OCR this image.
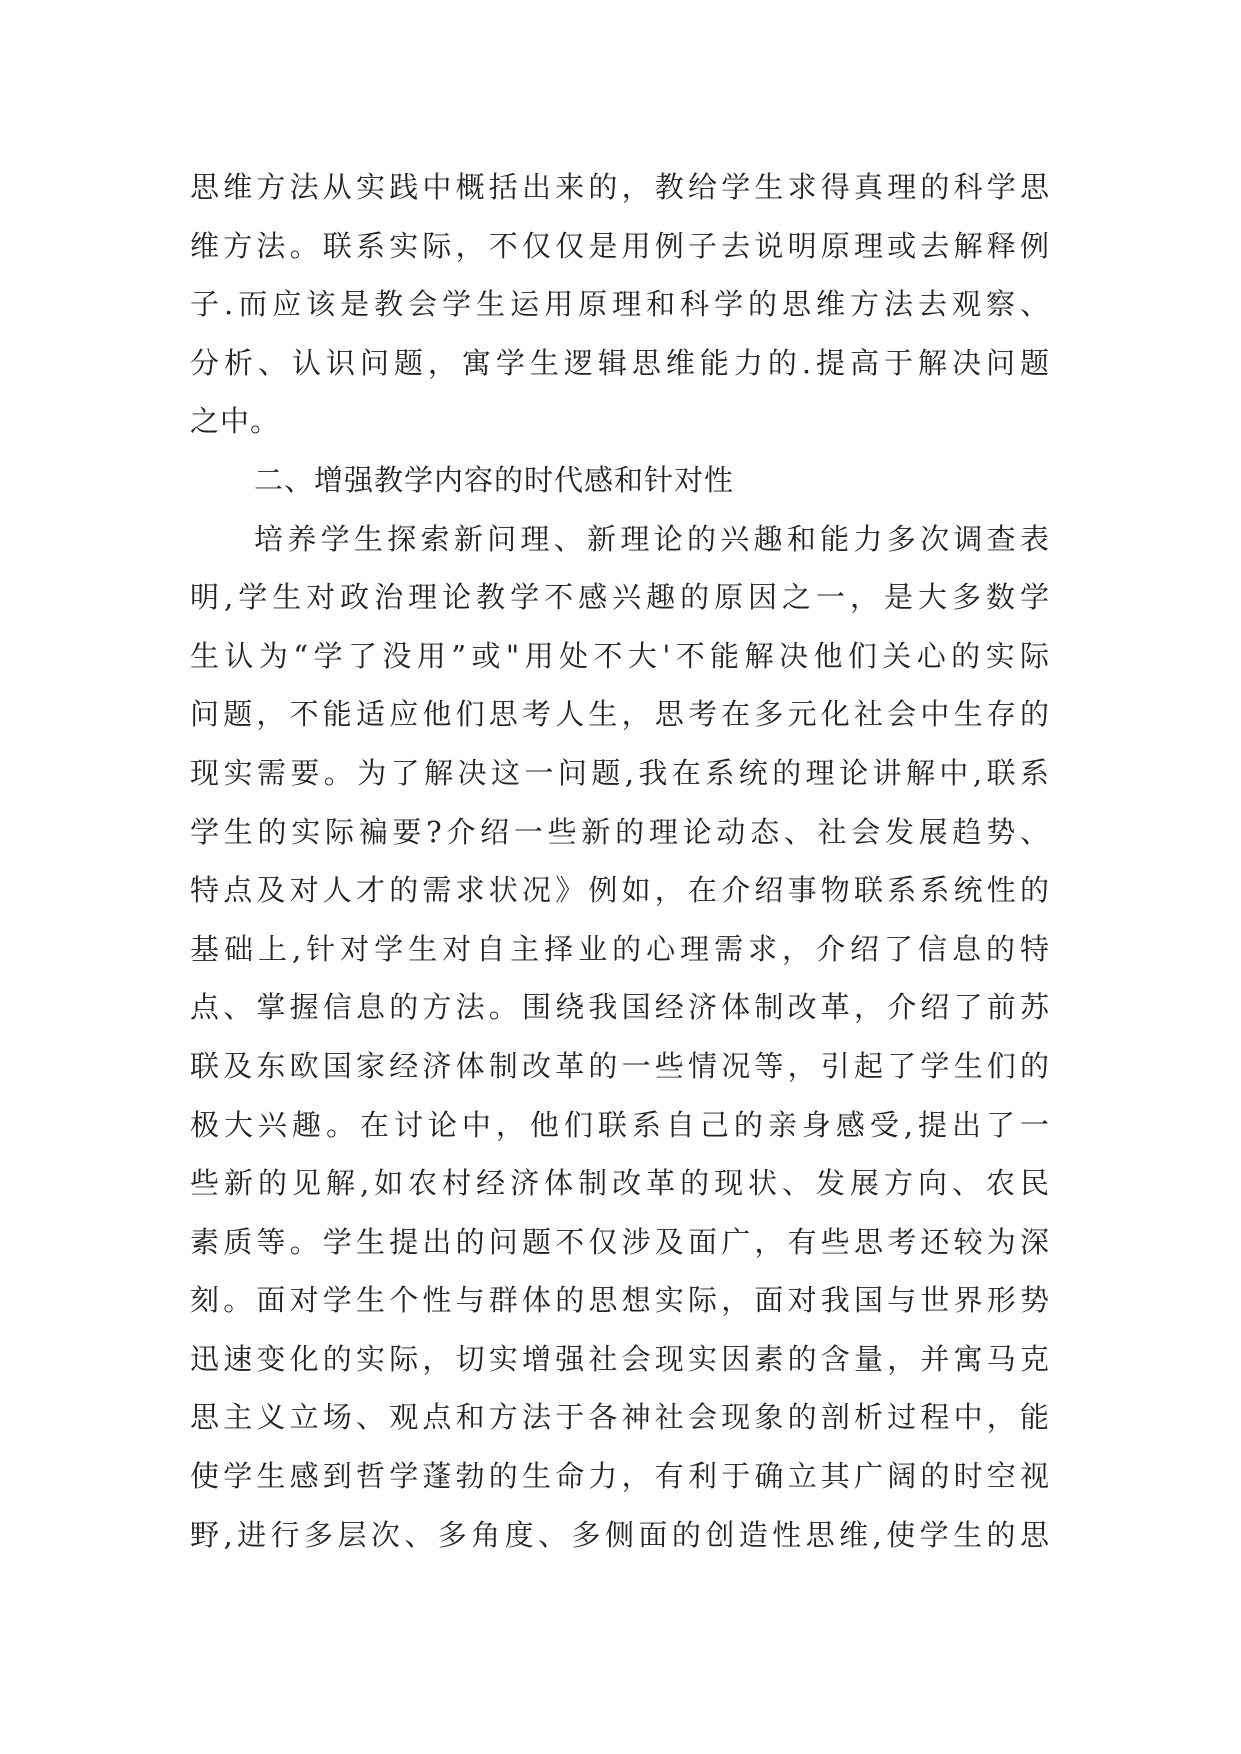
思维方法从实践中概括出来的，教给学生求得真理的科学思
维方法。联系实际，不仅仅是用例子去说明原理或去解释例
子.而应该是教会学生运用原理和科学的思维方法去观察、
分析、认识问题，寓学生逻辑思维能力的.提高于解决问题
之中。
二、增强教学内容的时代感和针对性
培养学生探索新问理、新理论的兴趣和能力多次调查表
明,学生对政治理论教学不感兴趣的原因之一，是大多数学
生认为“学了没用”或"用处不大'不能解决他们关心的实际
问题，不能适应他们思考人生，思考在多元化社会中生存的
现实需要。为了解决这一问题,我在系统的理论讲解中,联系
学生的实际褊要?介绍一些新的理论动态、社会发展趋势、
特点及对人才的需求状况》例如，在介绍事物联系系统性的
基础上,针对学生对自主择业的心理需求，介绍了信息的特
点、掌握信息的方法。围绕我国经济体制改革，介绍了前苏
联及东欧国家经济体制改革的一些情况等，引起了学生们的
极大兴趣。在讨论中，他们联系自己的亲身感受,提出了一
些新的见解,如农村经济体制改革的现状、发展方向、农民
素质等。学生提出的问题不仅涉及面广，有些思考还较为深
刻。面对学生个性与群体的思想实际，面对我国与世界形势
迅速变化的实际，切实增强社会现实因素的含量，并寓马克
思主义立场、观点和方法于各神社会现象的剖析过程中，能
使学生感到哲学蓬勃的生命力，有利于确立其广阔的时空视
野,进行多层次、多角度、多侧面的创造性思维,使学生的思
